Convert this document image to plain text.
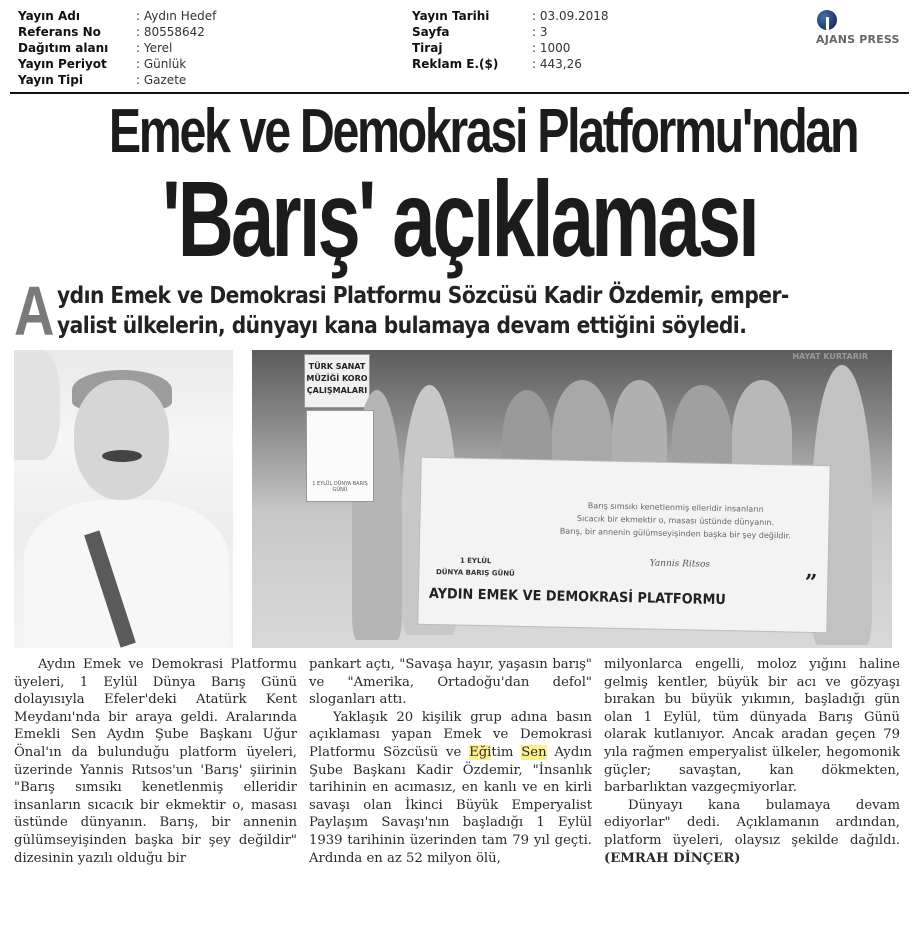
Yayın Adı	: Aydın Hedef
Referans No	: 80558642
Dağıtım alanı	: Yerel
Yayın Periyot	: Günlük
Yayın Tipi	: Gazete
Yayın Tarihi	: 03.09.2018
Sayfa	: 3
Tiraj	: 1000
Reklam E.($)	: 443,26
AJANS PRESS
Emek ve Demokrasi Platformu'ndan
'Barış' açıklaması
A ydın Emek ve Demokrasi Platformu Sözcüsü Kadir Özdemir, emper-
yalist ülkelerin, dünyayı kana bulamaya devam ettiğini söyledi.
TÜRK SANAT MÜZİĞİ KORO ÇALIŞMALARI
HAYAT KURTARIR
1 EYLÜL DÜNYA BARIŞ GÜNÜ
Barış sımsıkı kenetlenmiş elleridir insanların
Sıcacık bir ekmektir o, masası üstünde dünyanın.
Barış, bir annenin gülümseyişinden başka bir şey değildir.
1 EYLÜL
DÜNYA BARIŞ GÜNÜ
Yannis Ritsos
”
AYDIN EMEK VE DEMOKRASİ PLATFORMU

Aydın Emek ve Demokrasi Platformu üyeleri, 1 Eylül Dünya Barış Günü dolayısıyla Efeler'deki Atatürk Kent Meydanı'nda bir araya geldi. Aralarında Emekli Sen Aydın Şube Başkanı Uğur Önal'ın da bulunduğu platform üyeleri, üzerinde Yannis Rıtsos'un 'Barış' şiirinin "Barış sımsıkı kenetlenmiş elleridir insanların sıcacık bir ekmektir o, masası üstünde dünyanın. Barış, bir annenin gülümseyişinden başka bir şey değildir" dizesinin yazılı olduğu bir

pankart açtı, "Savaşa hayır, yaşasın barış" ve "Amerika, Ortadoğu'dan defol" sloganları attı.

Yaklaşık 20 kişilik grup adına basın açıklaması yapan Emek ve Demokrasi Platformu Sözcüsü ve Eğitim Sen Aydın Şube Başkanı Kadir Özdemir, "İnsanlık tarihinin en acımasız, en kanlı ve en kirli savaşı olan İkinci Büyük Emperyalist Paylaşım Savaşı'nın başladığı 1 Eylül 1939 tarihinin üzerinden tam 79 yıl geçti. Ardında en az 52 milyon ölü,

milyonlarca engelli, moloz yığını haline gelmiş kentler, büyük bir acı ve gözyaşı bırakan bu büyük yıkımın, başladığı gün olan 1 Eylül, tüm dünyada Barış Günü olarak kutlanıyor. Ancak aradan geçen 79 yıla rağmen emperyalist ülkeler, hegomonik güçler; savaştan, kan dökmekten, barbarlıktan vazgeçmiyorlar.

Dünyayı kana bulamaya devam ediyorlar" dedi. Açıklamanın ardından, platform üyeleri, olaysız şekilde dağıldı. (EMRAH DİNÇER)
